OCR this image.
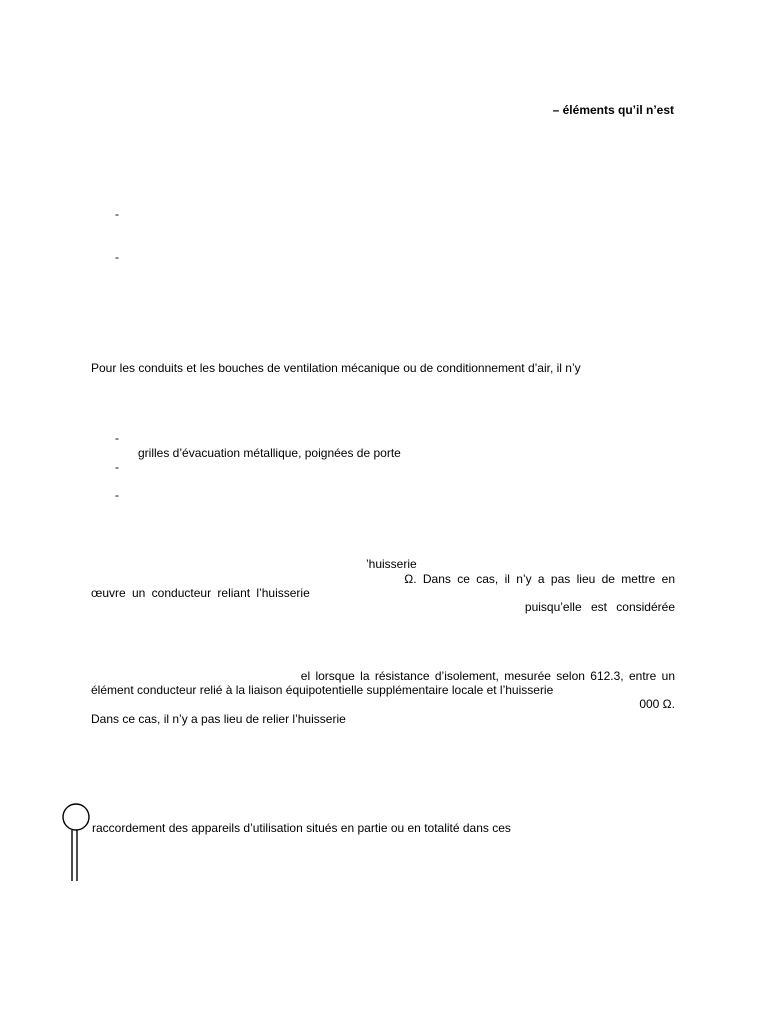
– éléments qu’il n’est
-
-
Pour les conduits et les bouches de ventilation mécanique ou de conditionnement d’air, il n’y
-
grilles d’évacuation métallique, poignées de porte
-
-
’huisserie
Ω. Dans ce cas, il n’y a pas lieu de mettre en
œuvre un conducteur reliant l’huisserie
puisqu’elle est considérée
el lorsque la résistance d’isolement, mesurée selon 612.3, entre un
élément conducteur relié à la liaison équipotentielle supplémentaire locale et l’huisserie
000 Ω.
Dans ce cas, il n’y a pas lieu de relier l’huisserie
raccordement des appareils d’utilisation situés en partie ou en totalité dans ces
